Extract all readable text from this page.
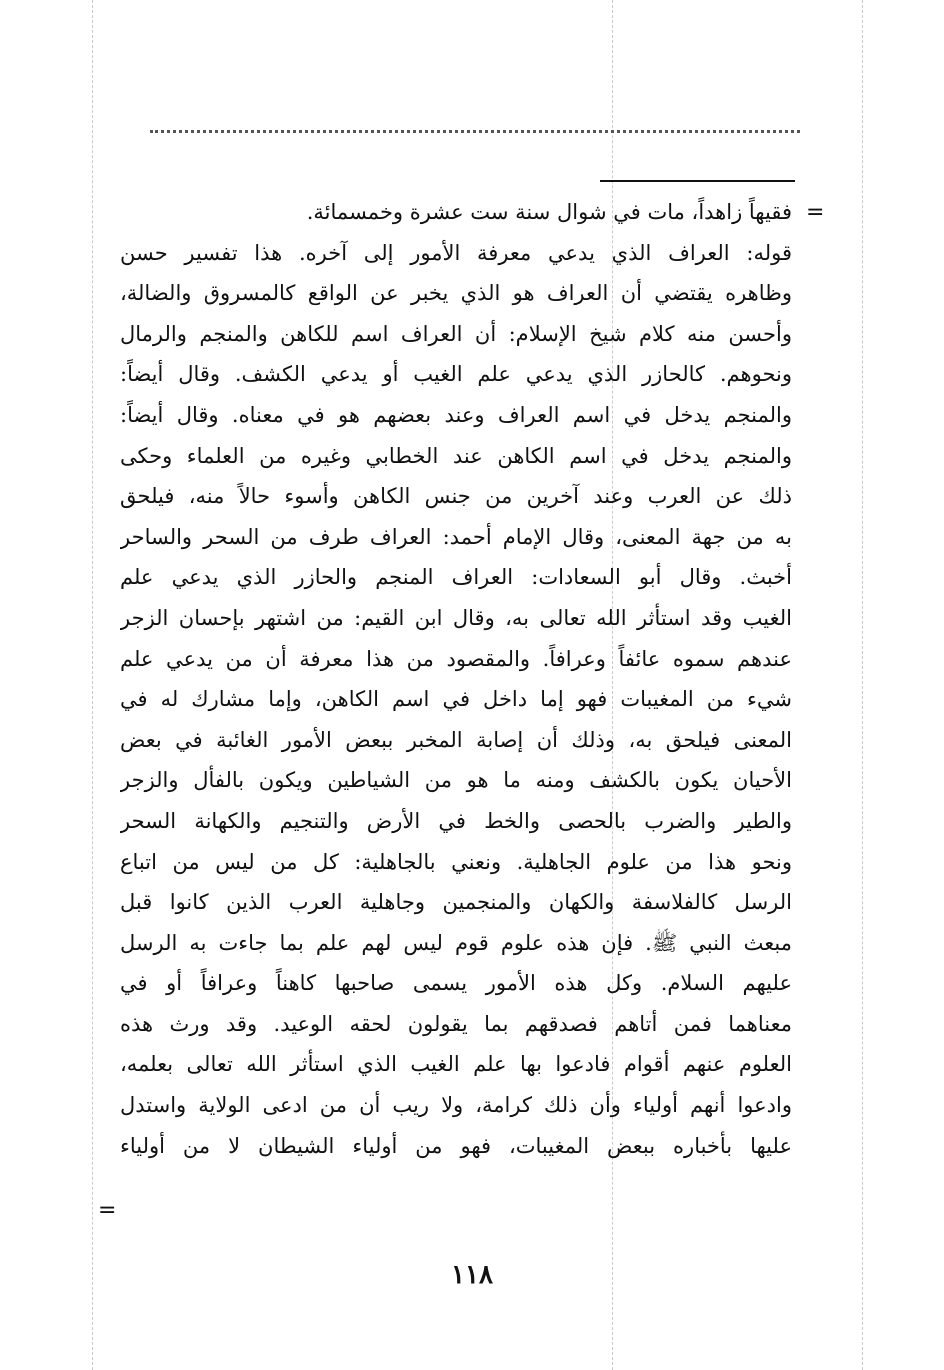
=
=
فقيهاً زاهداً، مات في شوال سنة ست عشرة وخمسمائة.
قوله: العراف الذي يدعي معرفة الأمور إلى آخره. هذا تفسير حسن
وظاهره يقتضي أن العراف هو الذي يخبر عن الواقع كالمسروق والضالة،
وأحسن منه كلام شيخ الإسلام: أن العراف اسم للكاهن والمنجم والرمال
ونحوهم. كالحازر الذي يدعي علم الغيب أو يدعي الكشف. وقال أيضاً:
والمنجم يدخل في اسم العراف وعند بعضهم هو في معناه. وقال أيضاً:
والمنجم يدخل في اسم الكاهن عند الخطابي وغيره من العلماء وحكى
ذلك عن العرب وعند آخرين من جنس الكاهن وأسوء حالاً منه، فيلحق
به من جهة المعنى، وقال الإمام أحمد: العراف طرف من السحر والساحر
أخبث. وقال أبو السعادات: العراف المنجم والحازر الذي يدعي علم
الغيب وقد استأثر الله تعالى به، وقال ابن القيم: من اشتهر بإحسان الزجر
عندهم سموه عائفاً وعرافاً. والمقصود من هذا معرفة أن من يدعي علم
شيء من المغيبات فهو إما داخل في اسم الكاهن، وإما مشارك له في
المعنى فيلحق به، وذلك أن إصابة المخبر ببعض الأمور الغائبة في بعض
الأحيان يكون بالكشف ومنه ما هو من الشياطين ويكون بالفأل والزجر
والطير والضرب بالحصى والخط في الأرض والتنجيم والكهانة السحر
ونحو هذا من علوم الجاهلية. ونعني بالجاهلية: كل من ليس من اتباع
الرسل كالفلاسفة والكهان والمنجمين وجاهلية العرب الذين كانوا قبل
مبعث النبي ﷺ. فإن هذه علوم قوم ليس لهم علم بما جاءت به الرسل
عليهم السلام. وكل هذه الأمور يسمى صاحبها كاهناً وعرافاً أو في
معناهما فمن أتاهم فصدقهم بما يقولون لحقه الوعيد. وقد ورث هذه
العلوم عنهم أقوام فادعوا بها علم الغيب الذي استأثر الله تعالى بعلمه،
وادعوا أنهم أولياء وأن ذلك كرامة، ولا ريب أن من ادعى الولاية واستدل
عليها بأخباره ببعض المغيبات، فهو من أولياء الشيطان لا من أولياء
١١٨
